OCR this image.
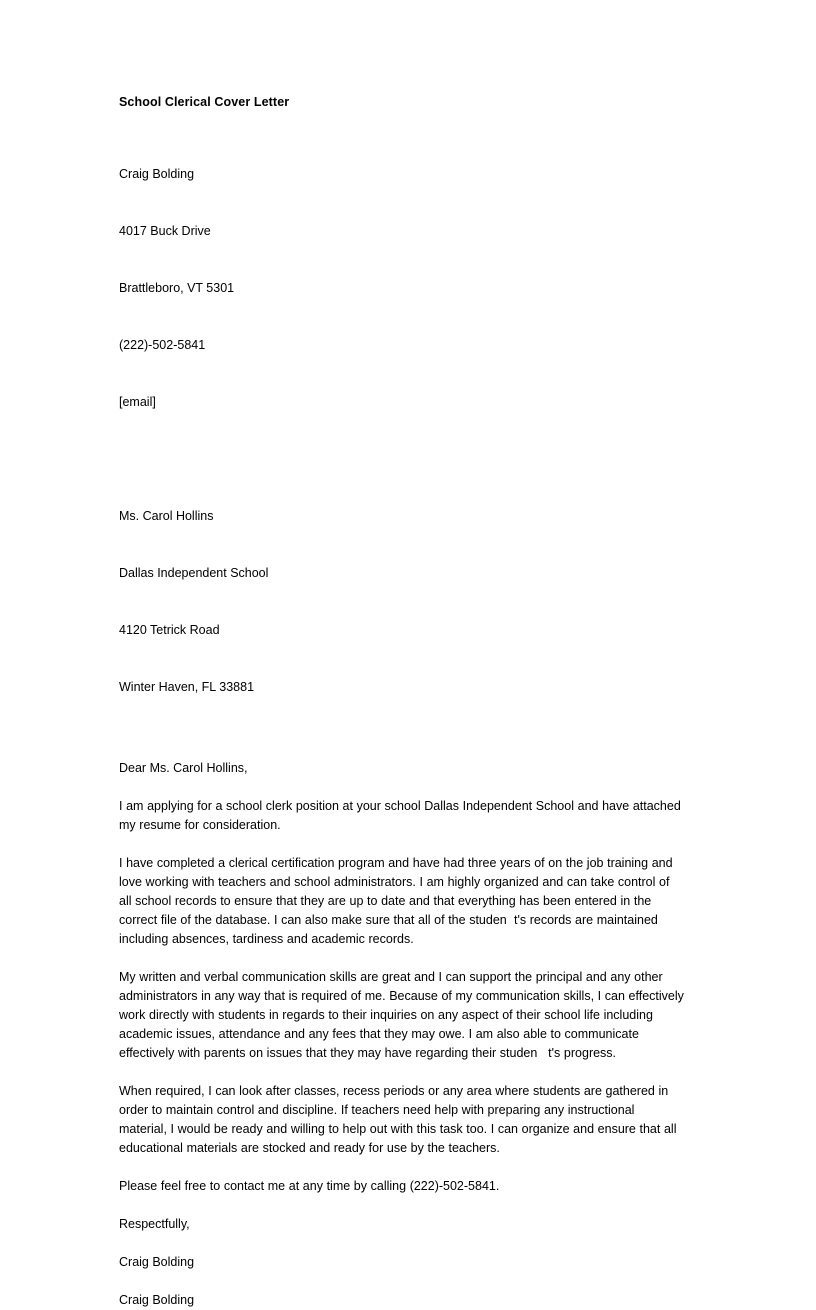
School Clerical Cover Letter

Craig Bolding

4017 Buck Drive

Brattleboro, VT 5301

(222)-502-5841

[email]

Ms. Carol Hollins

Dallas Independent School

4120 Tetrick Road

Winter Haven, FL 33881

Dear Ms. Carol Hollins,

I am applying for a school clerk position at your school Dallas Independent School and have attached my resume for consideration.

I have completed a clerical certification program and have had three years of on the job training and love working with teachers and school administrators. I am highly organized and can take control of all school records to ensure that they are up to date and that everything has been entered in the correct file of the database. I can also make sure that all of the studen  t's records are maintained including absences, tardiness and academic records.

My written and verbal communication skills are great and I can support the principal and any other administrators in any way that is required of me. Because of my communication skills, I can effectively work directly with students in regards to their inquiries on any aspect of their school life including academic issues, attendance and any fees that they may owe. I am also able to communicate effectively with parents on issues that they may have regarding their studen   t's progress.

When required, I can look after classes, recess periods or any area where students are gathered in order to maintain control and discipline. If teachers need help with preparing any instructional material, I would be ready and willing to help out with this task too. I can organize and ensure that all educational materials are stocked and ready for use by the teachers.

Please feel free to contact me at any time by calling (222)-502-5841.

Respectfully,

Craig Bolding

Craig Bolding
